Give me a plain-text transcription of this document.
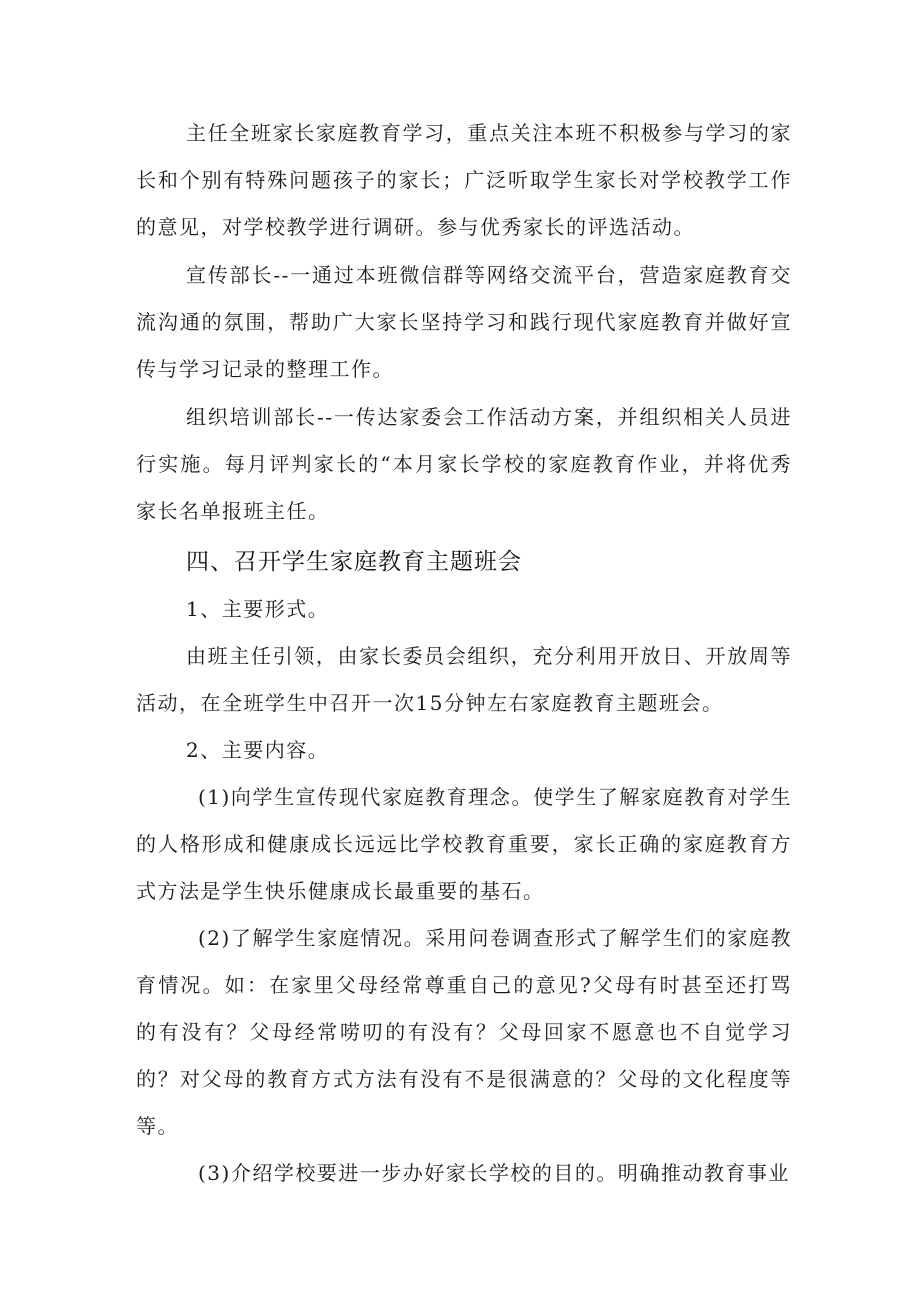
主任全班家长家庭教育学习，重点关注本班不积极参与学习的家长和个别有特殊问题孩子的家长；广泛听取学生家长对学校教学工作的意见，对学校教学进行调研。参与优秀家长的评选活动。

宣传部长--一通过本班微信群等网络交流平台，营造家庭教育交流沟通的氛围，帮助广大家长坚持学习和践行现代家庭教育并做好宣传与学习记录的整理工作。

组织培训部长--一传达家委会工作活动方案，并组织相关人员进行实施。每月评判家长的“本月家长学校的家庭教育作业，并将优秀家长名单报班主任。

四、召开学生家庭教育主题班会

1、主要形式。

由班主任引领，由家长委员会组织，充分利用开放日、开放周等活动，在全班学生中召开一次15分钟左右家庭教育主题班会。

2、主要内容。

(1)向学生宣传现代家庭教育理念。使学生了解家庭教育对学生的人格形成和健康成长远远比学校教育重要，家长正确的家庭教育方式方法是学生快乐健康成长最重要的基石。

(2)了解学生家庭情况。采用问卷调查形式了解学生们的家庭教育情况。如：在家里父母经常尊重自己的意见?父母有时甚至还打骂的有没有？父母经常唠叨的有没有？父母回家不愿意也不自觉学习的？对父母的教育方式方法有没有不是很满意的？父母的文化程度等等。

(3)介绍学校要进一步办好家长学校的目的。明确推动教育事业
